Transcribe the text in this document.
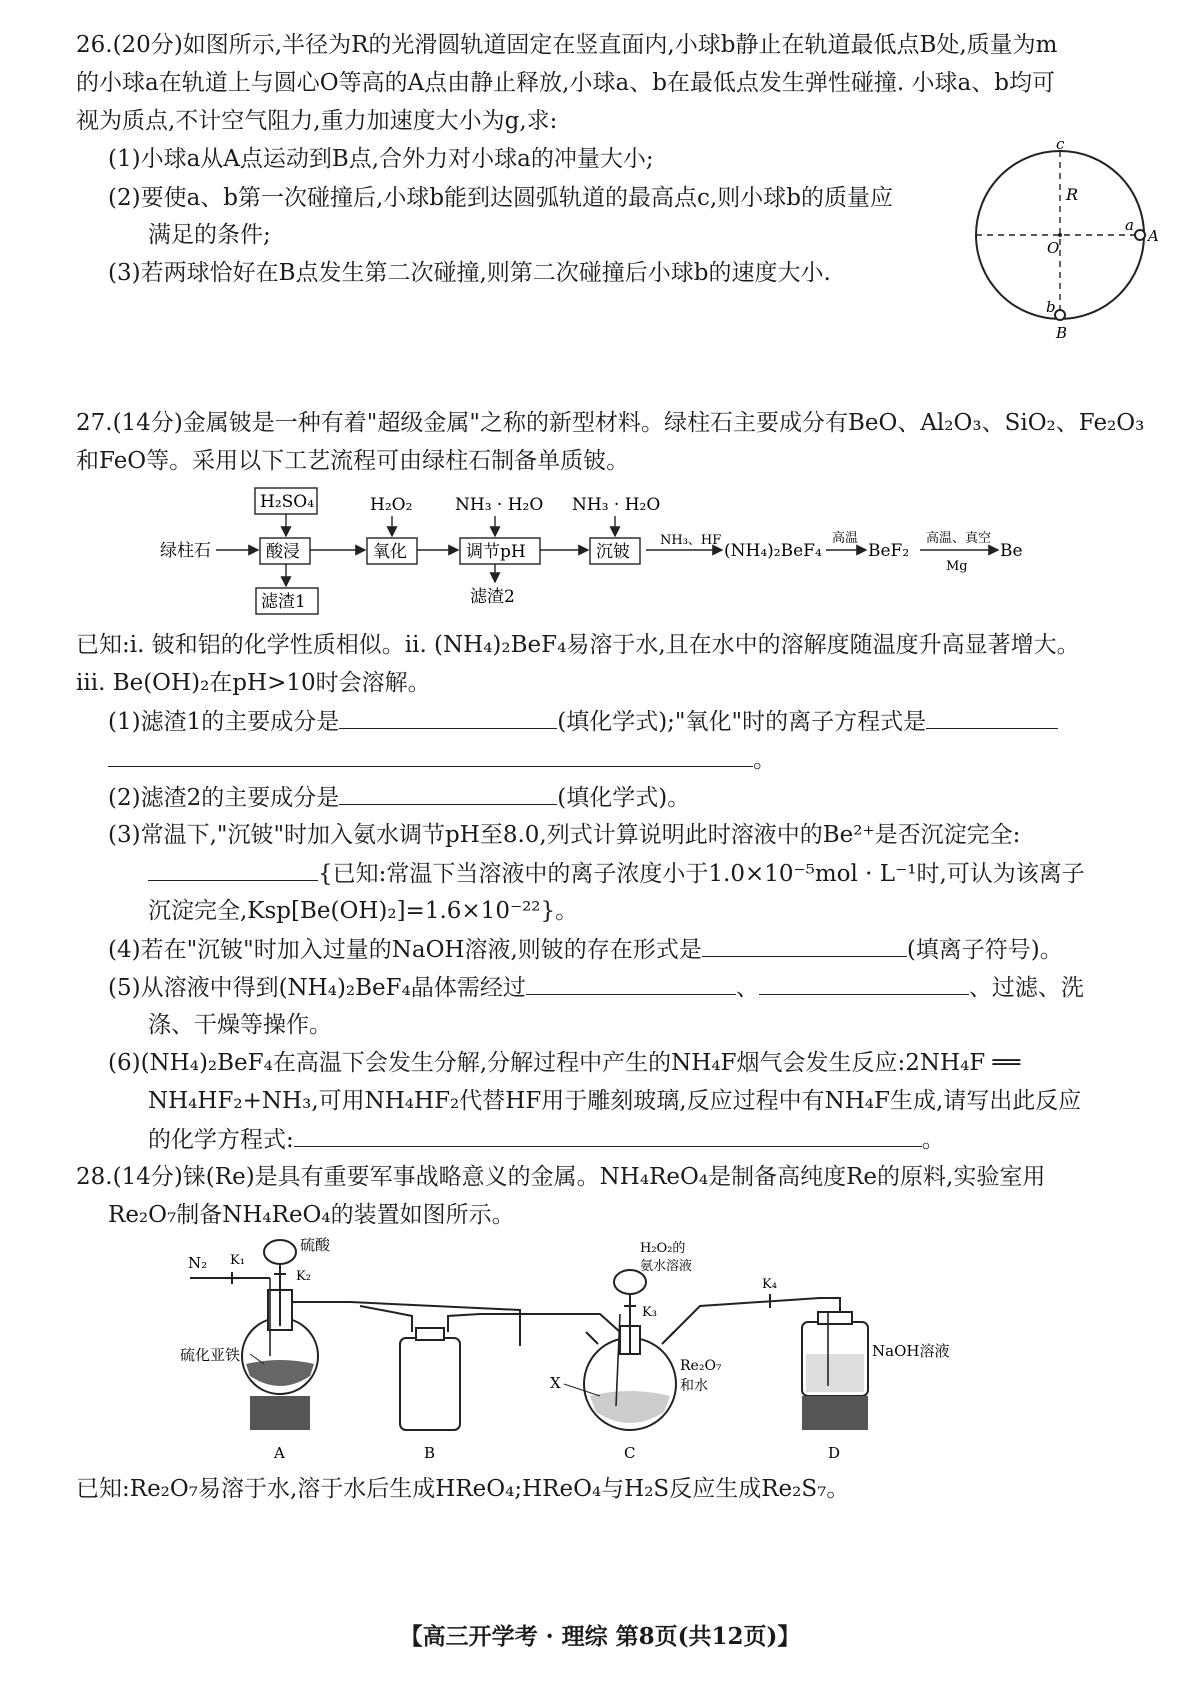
26.(20分)如图所示,半径为R的光滑圆轨道固定在竖直面内,小球b静止在轨道最低点B处,质量为m
的小球a在轨道上与圆心O等高的A点由静止释放,小球a、b在最低点发生弹性碰撞. 小球a、b均可
视为质点,不计空气阻力,重力加速度大小为g,求:
(1)小球a从A点运动到B点,合外力对小球a的冲量大小;
(2)要使a、b第一次碰撞后,小球b能到达圆弧轨道的最高点c,则小球b的质量应
满足的条件;
(3)若两球恰好在B点发生第二次碰撞,则第二次碰撞后小球b的速度大小.
c
R
a
A
O
b
B
27.(14分)金属铍是一种有着"超级金属"之称的新型材料。绿柱石主要成分有BeO、Al₂O₃、SiO₂、Fe₂O₃
和FeO等。采用以下工艺流程可由绿柱石制备单质铍。
H₂SO₄	H₂O₂	NH₃ · H₂O NH₃ · H₂O
绿柱石	酸浸	氧化	调节pH	沉铍
NH₃、HF
(NH₄)₂BeF₄
高温
BeF₂
高温、真空
Mg
Be
滤渣1	滤渣2
已知:i. 铍和铝的化学性质相似。ii. (NH₄)₂BeF₄易溶于水,且在水中的溶解度随温度升高显著增大。
iii. Be(OH)₂在pH>10时会溶解。
(1)滤渣1的主要成分是	(填化学式);"氧化"时的离子方程式是
。
(2)滤渣2的主要成分是	(填化学式)。
(3)常温下,"沉铍"时加入氨水调节pH至8.0,列式计算说明此时溶液中的Be²⁺是否沉淀完全:
{已知:常温下当溶液中的离子浓度小于1.0×10⁻⁵mol · L⁻¹时,可认为该离子
沉淀完全,Ksp[Be(OH)₂]=1.6×10⁻²²}。
(4)若在"沉铍"时加入过量的NaOH溶液,则铍的存在形式是	(填离子符号)。
(5)从溶液中得到(NH₄)₂BeF₄晶体需经过	、	、过滤、洗
涤、干燥等操作。
(6)(NH₄)₂BeF₄在高温下会发生分解,分解过程中产生的NH₄F烟气会发生反应:2NH₄F ══
NH₄HF₂+NH₃,可用NH₄HF₂代替HF用于雕刻玻璃,反应过程中有NH₄F生成,请写出此反应
的化学方程式:	。
28.(14分)铼(Re)是具有重要军事战略意义的金属。NH₄ReO₄是制备高纯度Re的原料,实验室用
Re₂O₇制备NH₄ReO₄的装置如图所示。
硫酸
K₂
N₂ K₁
硫化亚铁
H₂O₂的
氨水溶液
K₃
X
Re₂O₇
和水
K₄
NaOH溶液
A	B	C	D
已知:Re₂O₇易溶于水,溶于水后生成HReO₄;HReO₄与H₂S反应生成Re₂S₇。
【高三开学考 · 理综 第8页(共12页)】
